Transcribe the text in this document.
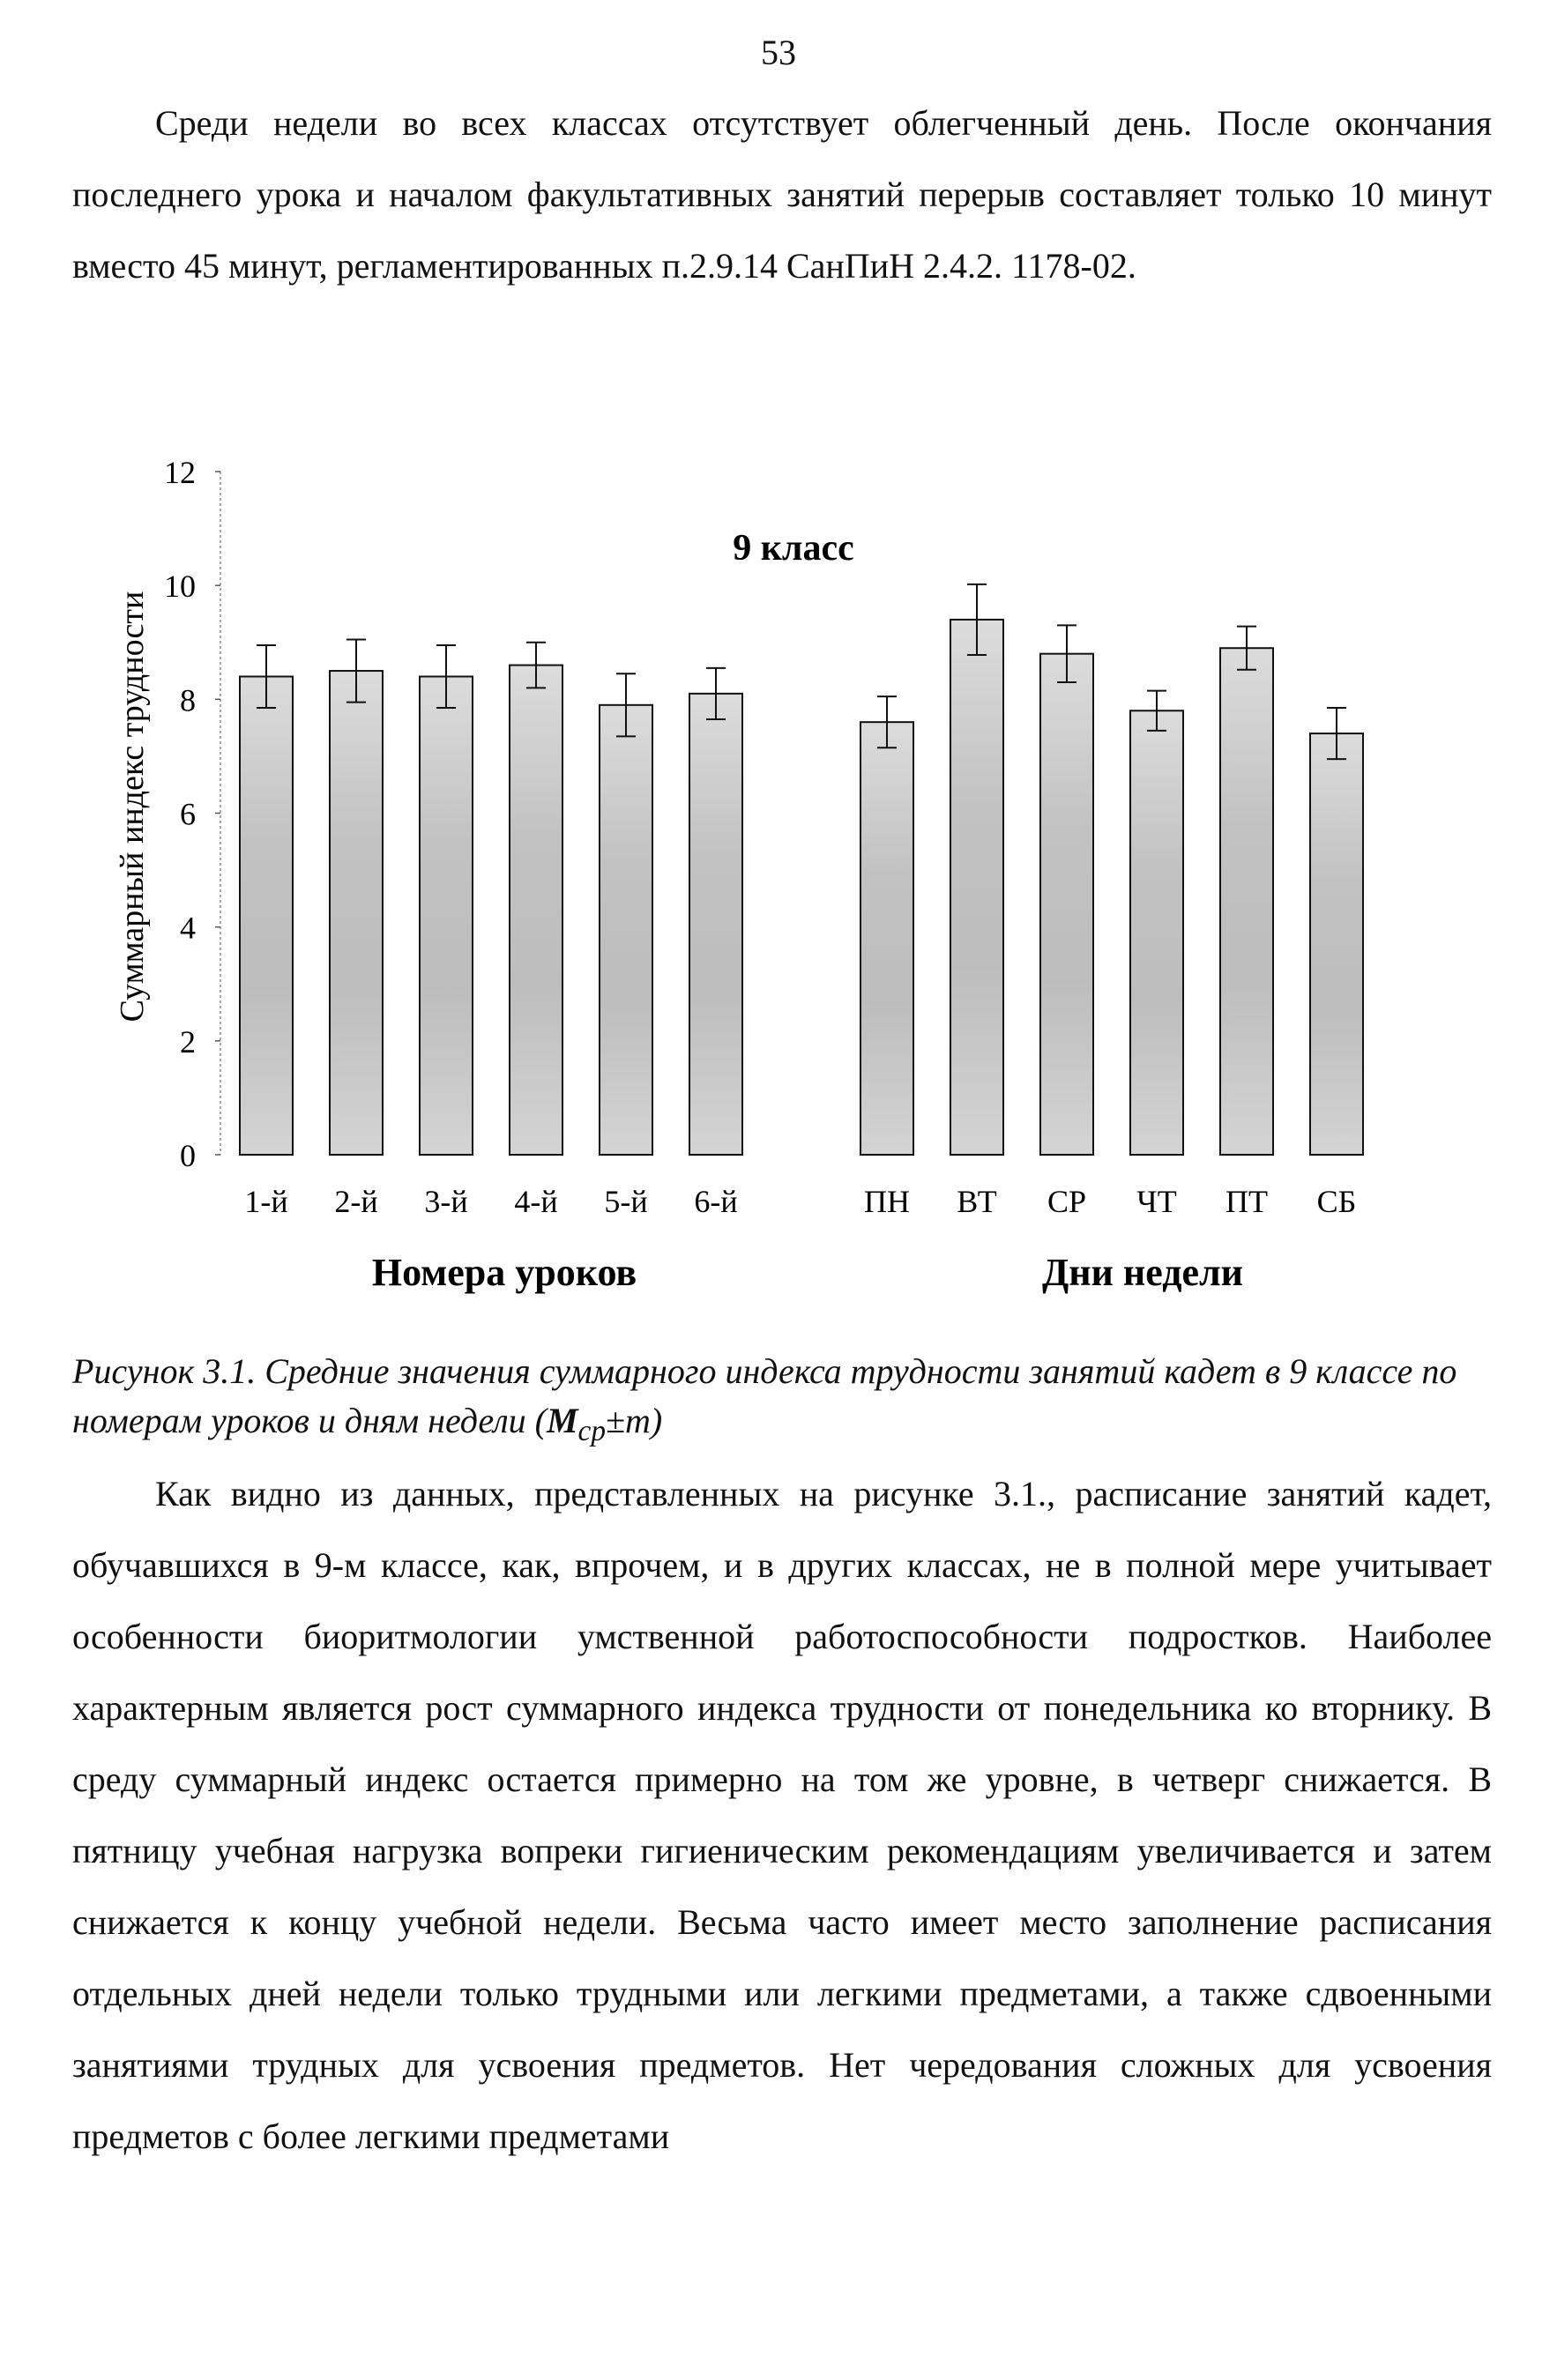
53

Среди недели во всех классах отсутствует облегченный день. После окончания последнего урока и началом факультативных занятий перерыв составляет только 10 минут вместо 45 минут, регламентированных п.2.9.14 СанПиН 2.4.2. 1178-02.

0
2
4
6
8
10
12
Суммарный индекс трудности
9 класс
1-й 2-й 3-й 4-й 5-й 6-й	ПН ВТ СР ЧТ ПТ СБ
Номера уроков	Дни недели

Рисунок 3.1. Средние значения суммарного индекса трудности занятий кадет в 9 классе по номерам уроков и дням недели $(M_{ср}\pm m)$

Как видно из данных, представленных на рисунке 3.1., расписание занятий кадет, обучавшихся в 9-м классе, как, впрочем, и в других классах, не в полной мере учитывает особенности биоритмологии умственной работоспособности подростков. Наиболее характерным является рост суммарного индекса трудности от понедельника ко вторнику. В среду суммарный индекс остается примерно на том же уровне, в четверг снижается. В пятницу учебная нагрузка вопреки гигиеническим рекомендациям увеличивается и затем снижается к концу учебной недели. Весьма часто имеет место заполнение расписания отдельных дней недели только трудными или легкими предметами, а также сдвоенными занятиями трудных для усвоения предметов. Нет чередования сложных для усвоения предметов с более легкими предметами
